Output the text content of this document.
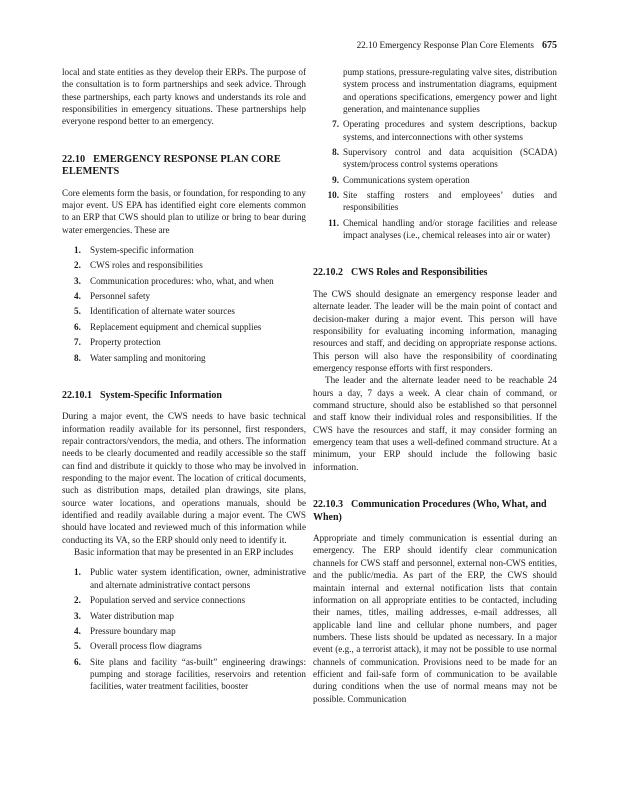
22.10 Emergency Response Plan Core Elements 675

local and state entities as they develop their ERPs. The purpose of the consultation is to form partnerships and seek advice. Through these partnerships, each party knows and understands its role and responsibilities in emergency situations. These partnerships help everyone respond better to an emergency.

22.10 EMERGENCY RESPONSE PLAN CORE ELEMENTS

Core elements form the basis, or foundation, for responding to any major event. US EPA has identified eight core elements common to an ERP that CWS should plan to utilize or bring to bear during water emergencies. These are

1. System-specific information
2. CWS roles and responsibilities
3. Communication procedures: who, what, and when
4. Personnel safety
5. Identification of alternate water sources
6. Replacement equipment and chemical supplies
7. Property protection
8. Water sampling and monitoring
22.10.1 System-Specific Information

During a major event, the CWS needs to have basic technical information readily available for its personnel, first responders, repair contractors/vendors, the media, and others. The information needs to be clearly documented and readily accessible so the staff can find and distribute it quickly to those who may be involved in responding to the major event. The location of critical documents, such as distribution maps, detailed plan drawings, site plans, source water locations, and operations manuals, should be identified and readily available during a major event. The CWS should have located and reviewed much of this information while conducting its VA, so the ERP should only need to identify it.

Basic information that may be presented in an ERP includes

1. Public water system identification, owner, administrative and alternate administrative contact persons
2. Population served and service connections
3. Water distribution map
4. Pressure boundary map
5. Overall process flow diagrams
6. Site plans and facility “as-built” engineering drawings: pumping and storage facilities, reservoirs and retention facilities, water treatment facilities, booster
pump stations, pressure-regulating valve sites, distribution system process and instrumentation diagrams, equipment and operations specifications, emergency power and light generation, and maintenance supplies
7. Operating procedures and system descriptions, backup systems, and interconnections with other systems
8. Supervisory control and data acquisition (SCADA) system/process control systems operations
9. Communications system operation
10. Site staffing rosters and employees’ duties and responsibilities
11. Chemical handling and/or storage facilities and release impact analyses (i.e., chemical releases into air or water)
22.10.2 CWS Roles and Responsibilities

The CWS should designate an emergency response leader and alternate leader. The leader will be the main point of contact and decision-maker during a major event. This person will have responsibility for evaluating incoming information, managing resources and staff, and deciding on appropriate response actions. This person will also have the responsibility of coordinating emergency response efforts with first responders.

The leader and the alternate leader need to be reachable 24 hours a day, 7 days a week. A clear chain of command, or command structure, should also be established so that personnel and staff know their individual roles and responsibilities. If the CWS have the resources and staff, it may consider forming an emergency team that uses a well-defined command structure. At a minimum, your ERP should include the following basic information.

22.10.3 Communication Procedures (Who, What, and When)

Appropriate and timely communication is essential during an emergency. The ERP should identify clear communication channels for CWS staff and personnel, external non-CWS entities, and the public/media. As part of the ERP, the CWS should maintain internal and external notification lists that contain information on all appropriate entities to be contacted, including their names, titles, mailing addresses, e-mail addresses, all applicable land line and cellular phone numbers, and pager numbers. These lists should be updated as necessary. In a major event (e.g., a terrorist attack), it may not be possible to use normal channels of communication. Provisions need to be made for an efficient and fail-safe form of communication to be available during conditions when the use of normal means may not be possible. Communication
